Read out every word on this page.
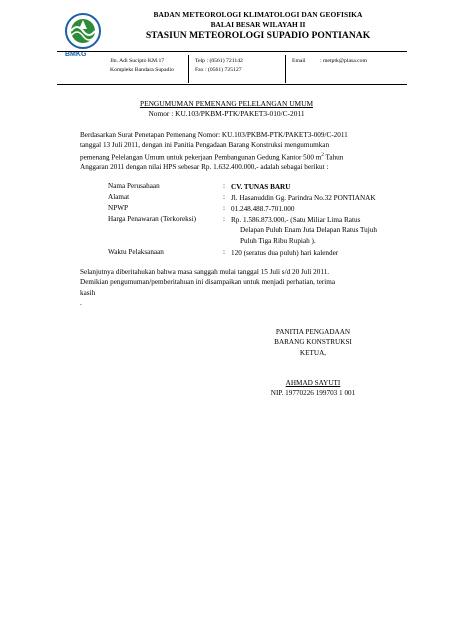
BMKG
BADAN METEOROLOGI KLIMATOLOGI DAN GEOFISIKA
BALAI BESAR WILAYAH II
STASIUN METEOROLOGI SUPADIO PONTIANAK
Jln. Adi Sucipto KM.17
Kompleks Bandara Supadio
Telp : (0561) 721142
Fax : (0561) 725127
Email	: metptk@plasa.com
PENGUMUMAN PEMENANG PELELANGAN UMUM
Nomor : KU.103/PKBM-PTK/PAKET3-010/C-2011
Berdasarkan Surat Penetapan Pemenang Nomor: KU.103/PKBM-PTK/PAKET3-009/C-2011
tanggal 13 Juli 2011, dengan ini Panitia Pengadaan Barang Konstruksi mengumumkan
pemenang Pelelangan Umum untuk pekerjaan Pembangunan Gedung Kantor 500 $m^2$ Tahun
Anggaran 2011 dengan nilai HPS sebesar Rp. 1.632.400.000,- adalah sebagai berikut :
Nama Perusahaan	: CV. TUNAS BARU
Alamat	: Jl. Hasanuddin Gg. Parindra No.32 PONTIANAK
NPWP	: 01.248.488.7-701.000
Harga Penawaran (Terkoreksi)	: Rp. 1.586.873.000,- (Satu Miliar Lima Ratus
Delapan Puluh Enam Juta Delapan Ratus Tujuh
Puluh Tiga Ribu Rupiah ).
Waktu Pelaksanaan	: 120 (seratus dua puluh) hari kalender
Selanjutnya diberitahukan bahwa masa sanggah mulai tanggal 15 Juli s/d 20 Juli 2011.
Demikian pengumuman/pemberitahuan ini disampaikan untuk menjadi perhatian, terima
kasih
.
PANITIA PENGADAAN
BARANG KONSTRUKSI
KETUA,
AHMAD SAYUTI
NIP. 19770226 199703 1 001
